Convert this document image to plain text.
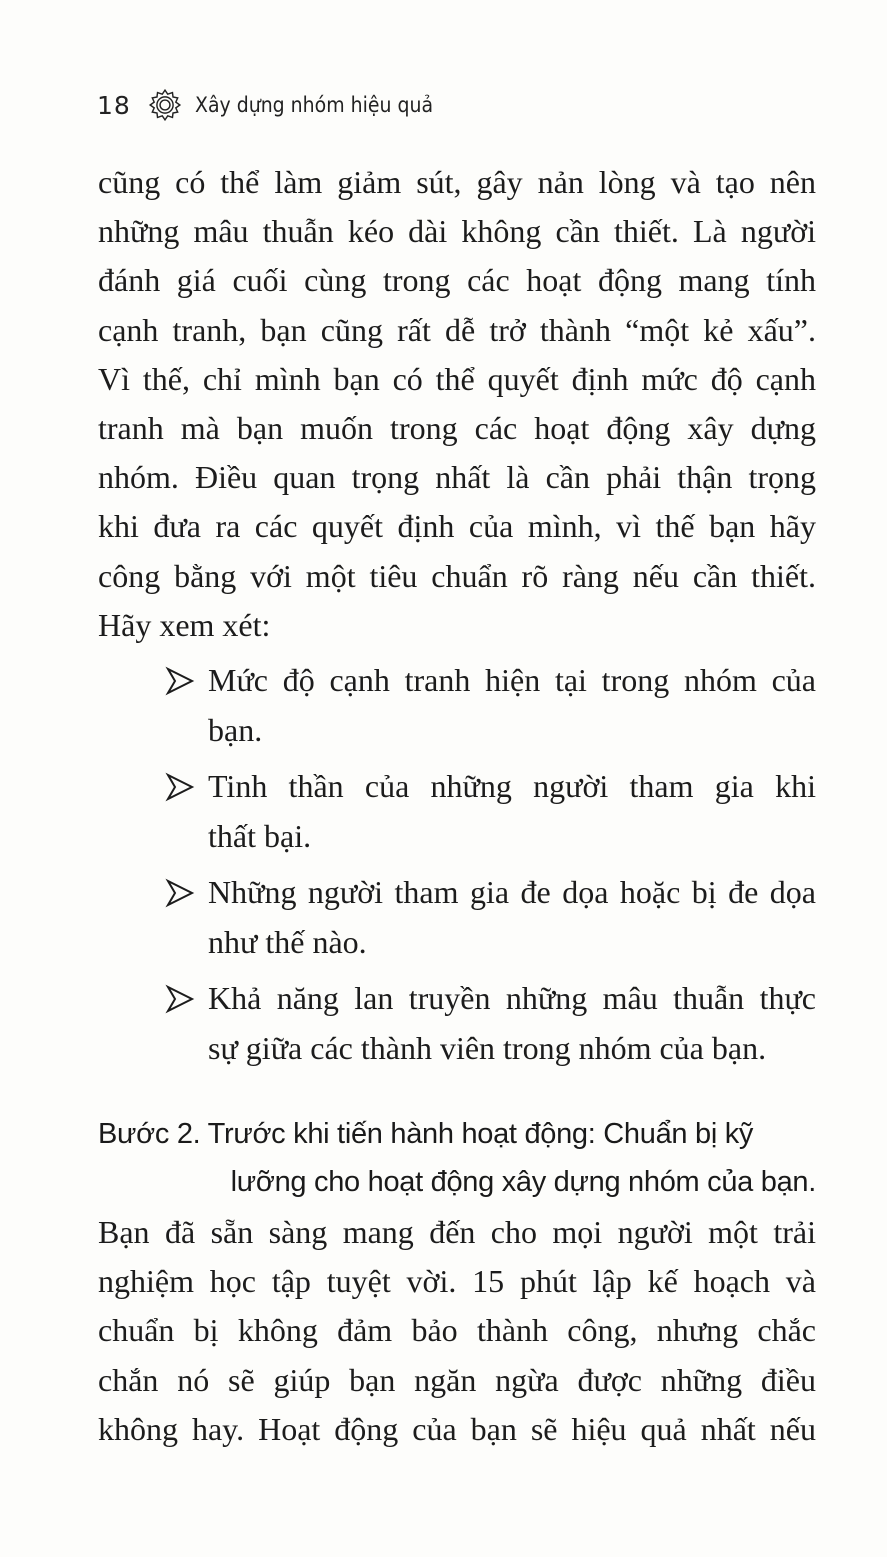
18	Xây dựng nhóm hiệu quả
cũng có thể làm giảm sút, gây nản lòng và tạo nên
những mâu thuẫn kéo dài không cần thiết. Là người
đánh giá cuối cùng trong các hoạt động mang tính
cạnh tranh, bạn cũng rất dễ trở thành “một kẻ xấu”.
Vì thế, chỉ mình bạn có thể quyết định mức độ cạnh
tranh mà bạn muốn trong các hoạt động xây dựng
nhóm. Điều quan trọng nhất là cần phải thận trọng
khi đưa ra các quyết định của mình, vì thế bạn hãy
công bằng với một tiêu chuẩn rõ ràng nếu cần thiết.
Hãy xem xét:
Mức độ cạnh tranh hiện tại trong nhóm của
bạn.
Tinh thần của những người tham gia khi
thất bại.
Những người tham gia đe dọa hoặc bị đe dọa
như thế nào.
Khả năng lan truyền những mâu thuẫn thực
sự giữa các thành viên trong nhóm của bạn.
Bước 2. Trước khi tiến hành hoạt động: Chuẩn bị kỹ
lưỡng cho hoạt động xây dựng nhóm của bạn.
Bạn đã sẵn sàng mang đến cho mọi người một trải
nghiệm học tập tuyệt vời. 15 phút lập kế hoạch và
chuẩn bị không đảm bảo thành công, nhưng chắc
chắn nó sẽ giúp bạn ngăn ngừa được những điều
không hay. Hoạt động của bạn sẽ hiệu quả nhất nếu
